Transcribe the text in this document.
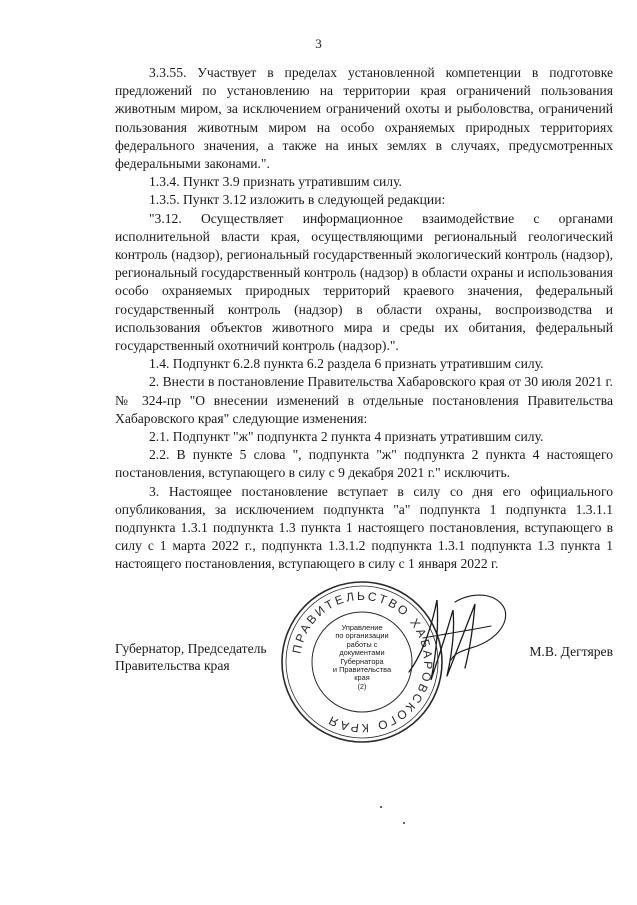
3

3.3.55. Участвует в пределах установленной компетенции в подготовке предложений по установлению на территории края ограничений пользования животным миром, за исключением ограничений охоты и рыболовства, ограничений пользования животным миром на особо охраняемых природных территориях федерального значения, а также на иных землях в случаях, предусмотренных федеральными законами.".

1.3.4. Пункт 3.9 признать утратившим силу.

1.3.5. Пункт 3.12 изложить в следующей редакции:

"3.12. Осуществляет информационное взаимодействие с органами исполнительной власти края, осуществляющими региональный геологический контроль (надзор), региональный государственный экологический контроль (надзор), региональный государственный контроль (надзор) в области охраны и использования особо охраняемых природных территорий краевого значения, федеральный государственный контроль (надзор) в области охраны, воспроизводства и использования объектов животного мира и среды их обитания, федеральный государственный охотничий контроль (надзор).".

1.4. Подпункт 6.2.8 пункта 6.2 раздела 6 признать утратившим силу.

2. Внести в постановление Правительства Хабаровского края от 30 июля 2021 г. № 324-пр "О внесении изменений в отдельные постановления Правительства Хабаровского края" следующие изменения:

2.1. Подпункт "ж" подпункта 2 пункта 4 признать утратившим силу.

2.2. В пункте 5 слова ", подпункта "ж" подпункта 2 пункта 4 настоящего постановления, вступающего в силу с 9 декабря 2021 г." исключить.

3. Настоящее постановление вступает в силу со дня его официального опубликования, за исключением подпункта "а" подпункта 1 подпункта 1.3.1.1 подпункта 1.3.1 подпункта 1.3 пункта 1 настоящего постановления, вступающего в силу с 1 марта 2022 г., подпункта 1.3.1.2 подпункта 1.3.1 подпункта 1.3 пункта 1 настоящего постановления, вступающего в силу с 1 января 2022 г.

Губернатор, Председатель
Правительства края
М.В. Дегтярев
ПРАВИТЕЛЬСТВО ХАБАРОВСКОГО КРАЯ
Управление
по организации
работы с документами
Губернатора
и Правительства
края
(2)
